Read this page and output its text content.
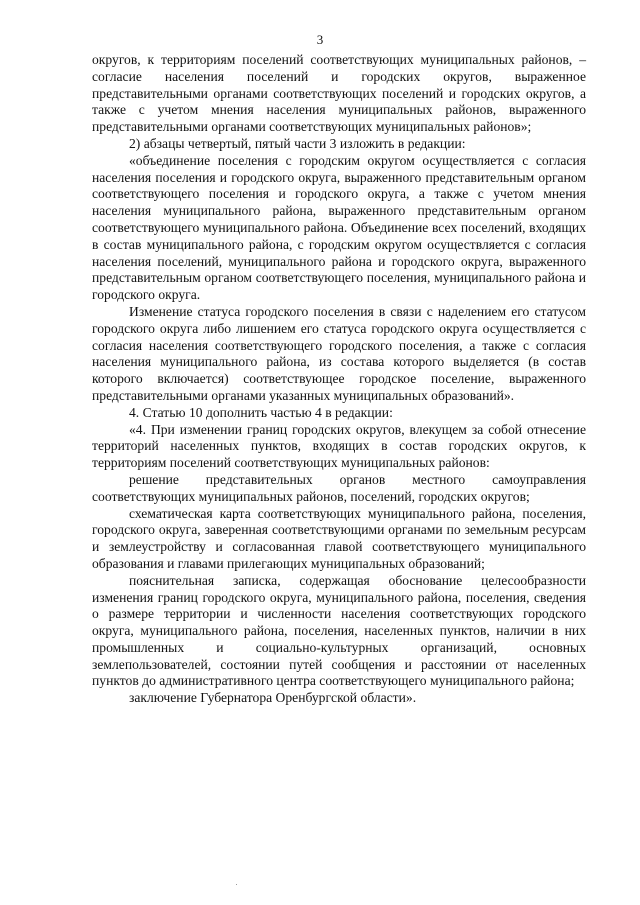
3

округов, к территориям поселений соответствующих муниципальных районов, – согласие населения поселений и городских округов, выраженное представительными органами соответствующих поселений и городских округов, а также с учетом мнения населения муниципальных районов, выраженного представительными органами соответствующих муниципальных районов»;

2) абзацы четвертый, пятый части 3 изложить в редакции:

«объединение поселения с городским округом осуществляется с согласия населения поселения и городского округа, выраженного представительным органом соответствующего поселения и городского округа, а также с учетом мнения населения муниципального района, выраженного представительным органом соответствующего муниципального района. Объединение всех поселений, входящих в состав муниципального района, с городским округом осуществляется с согласия населения поселений, муниципального района и городского округа, выраженного представительным органом соответствующего поселения, муниципального района и городского округа.

Изменение статуса городского поселения в связи с наделением его статусом городского округа либо лишением его статуса городского округа осуществляется с согласия населения соответствующего городского поселения, а также с согласия населения муниципального района, из состава которого выделяется (в состав которого включается) соответствующее городское поселение, выраженного представительными органами указанных муниципальных образований».

4. Статью 10 дополнить частью 4 в редакции:

«4. При изменении границ городских округов, влекущем за собой отнесение территорий населенных пунктов, входящих в состав городских округов, к территориям поселений соответствующих муниципальных районов:

решение представительных органов местного самоуправления соответствующих муниципальных районов, поселений, городских округов;

схематическая карта соответствующих муниципального района, поселения, городского округа, заверенная соответствующими органами по земельным ресурсам и землеустройству и согласованная главой соответствующего муниципального образования и главами прилегающих муниципальных образований;

пояснительная записка, содержащая обоснование целесообразности изменения границ городского округа, муниципального района, поселения, сведения о размере территории и численности населения соответствующих городского округа, муниципального района, поселения, населенных пунктов, наличии в них промышленных и социально-культурных организаций, основных землепользователей, состоянии путей сообщения и расстоянии от населенных пунктов до административного центра соответствующего муниципального района;

заключение Губернатора Оренбургской области».
